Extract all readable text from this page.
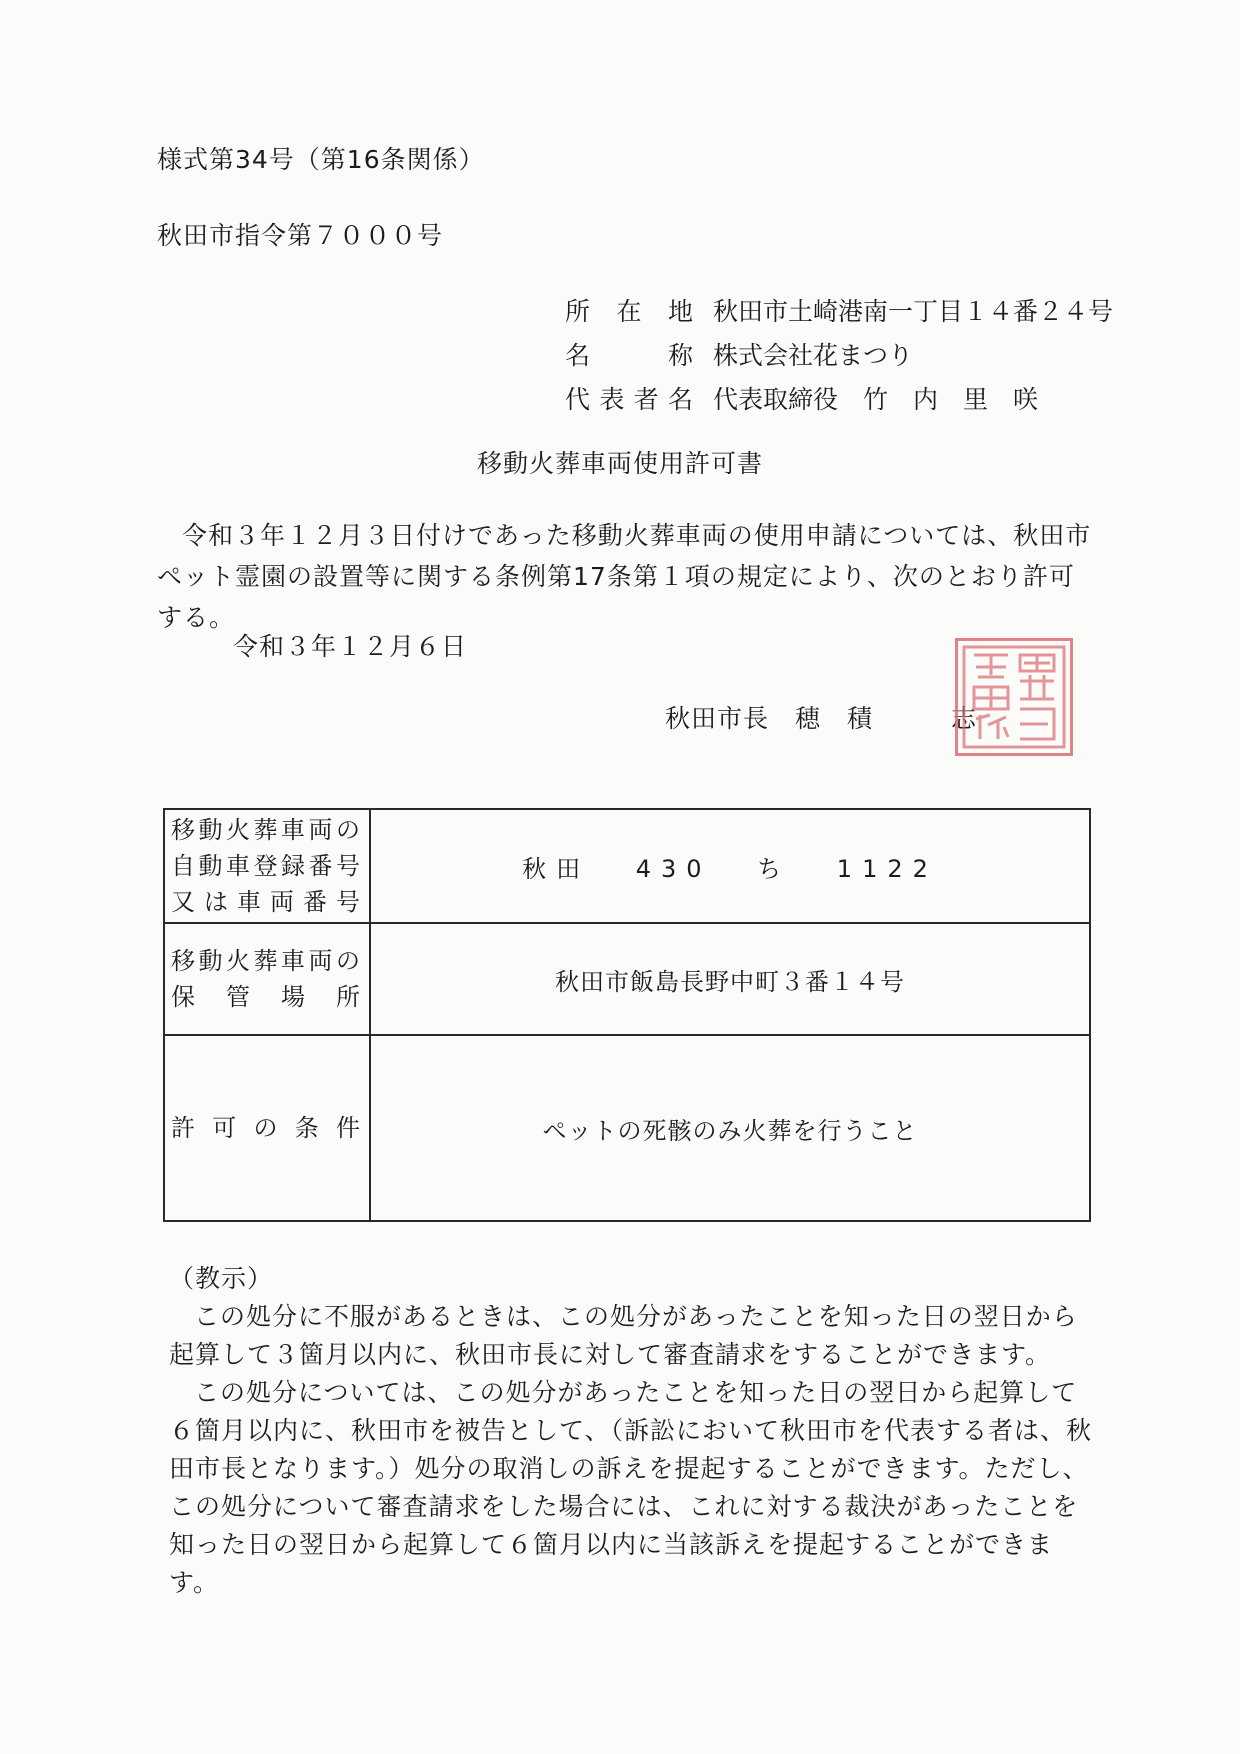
様式第34号（第16条関係）
秋田市指令第７０００号
所在地 秋田市土崎港南一丁目１４番２４号
名称 株式会社花まつり
代表者名 代表取締役　竹　内　里　咲
移動火葬車両使用許可書
令和３年１２月３日付けであった移動火葬車両の使用申請については、秋田市ペット霊園の設置等に関する条例第17条第１項の規定により、次のとおり許可する。
令和３年１２月６日
秋田市長　穂　積　　　志
移動火葬車両の自動車登録番号又は車両番号	秋田 430 ち 1122
移動火葬車両の保管場所	秋田市飯島長野中町３番１４号
許可の条件	ペットの死骸のみ火葬を行うこと
（教示）

この処分に不服があるときは、この処分があったことを知った日の翌日から起算して３箇月以内に、秋田市長に対して審査請求をすることができます。

この処分については、この処分があったことを知った日の翌日から起算して６箇月以内に、秋田市を被告として、（訴訟において秋田市を代表する者は、秋田市長となります。）処分の取消しの訴えを提起することができます。ただし、この処分について審査請求をした場合には、これに対する裁決があったことを知った日の翌日から起算して６箇月以内に当該訴えを提起することができます。
